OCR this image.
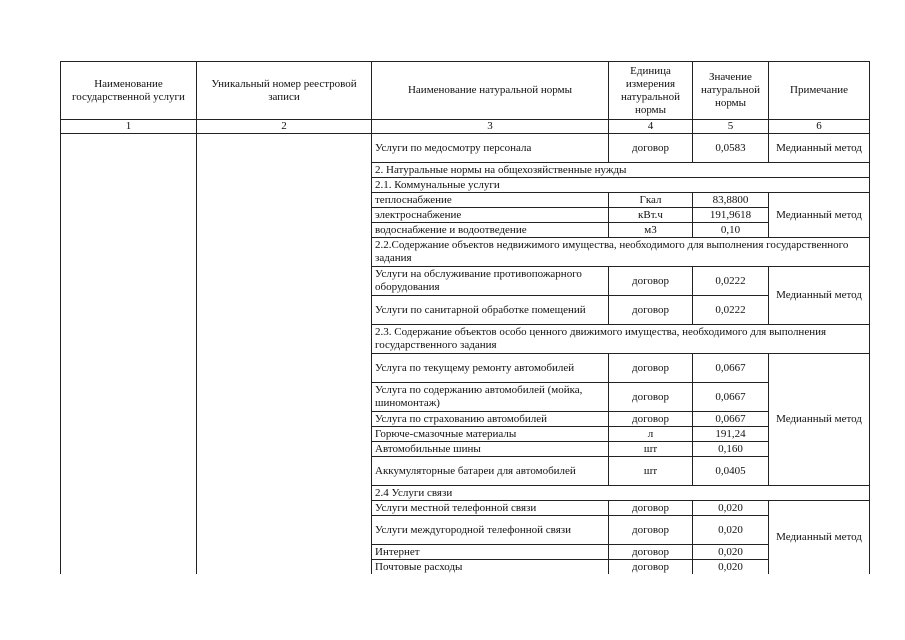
Наименование государственной услуги	Уникальный номер реестровой записи	Наименование натуральной нормы	Единица измерения натуральной нормы	Значение натуральной нормы	Примечание
1	2	3	4	5	6
		Услуги по медосмотру персонала	договор	0,0583	Медианный метод
		2. Натуральные нормы на общехозяйственные нужды			
		2.1. Коммунальные услуги			
		теплоснабжение	Гкал	83,8800	Медианный метод
		электроснабжение	кВт.ч	191,9618	
		водоснабжение и водоотведение	м3	0,10	
		2.2.Содержание объектов недвижимого имущества, необходимого для выполнения государственного задания			
		Услуги на обслуживание противопожарного оборудования	договор	0,0222	Медианный метод
		Услуги по санитарной обработке помещений	договор	0,0222	
		2.3. Содержание объектов особо ценного движимого имущества, необходимого для выполнения государственного задания			
		Услуга по текущему ремонту автомобилей	договор	0,0667	Медианный метод
		Услуга по содержанию автомобилей (мойка, шиномонтаж)	договор	0,0667	
		Услуга по страхованию автомобилей	договор	0,0667	
		Горюче-смазочные материалы	л	191,24	
		Автомобильные шины	шт	0,160	
		Аккумуляторные батареи для автомобилей	шт	0,0405	
		2.4 Услуги связи			
		Услуги местной телефонной связи	договор	0,020	Медианный метод
		Услуги междугородной телефонной связи	договор	0,020	
		Интернет	договор	0,020	
		Почтовые расходы	договор	0,020	
